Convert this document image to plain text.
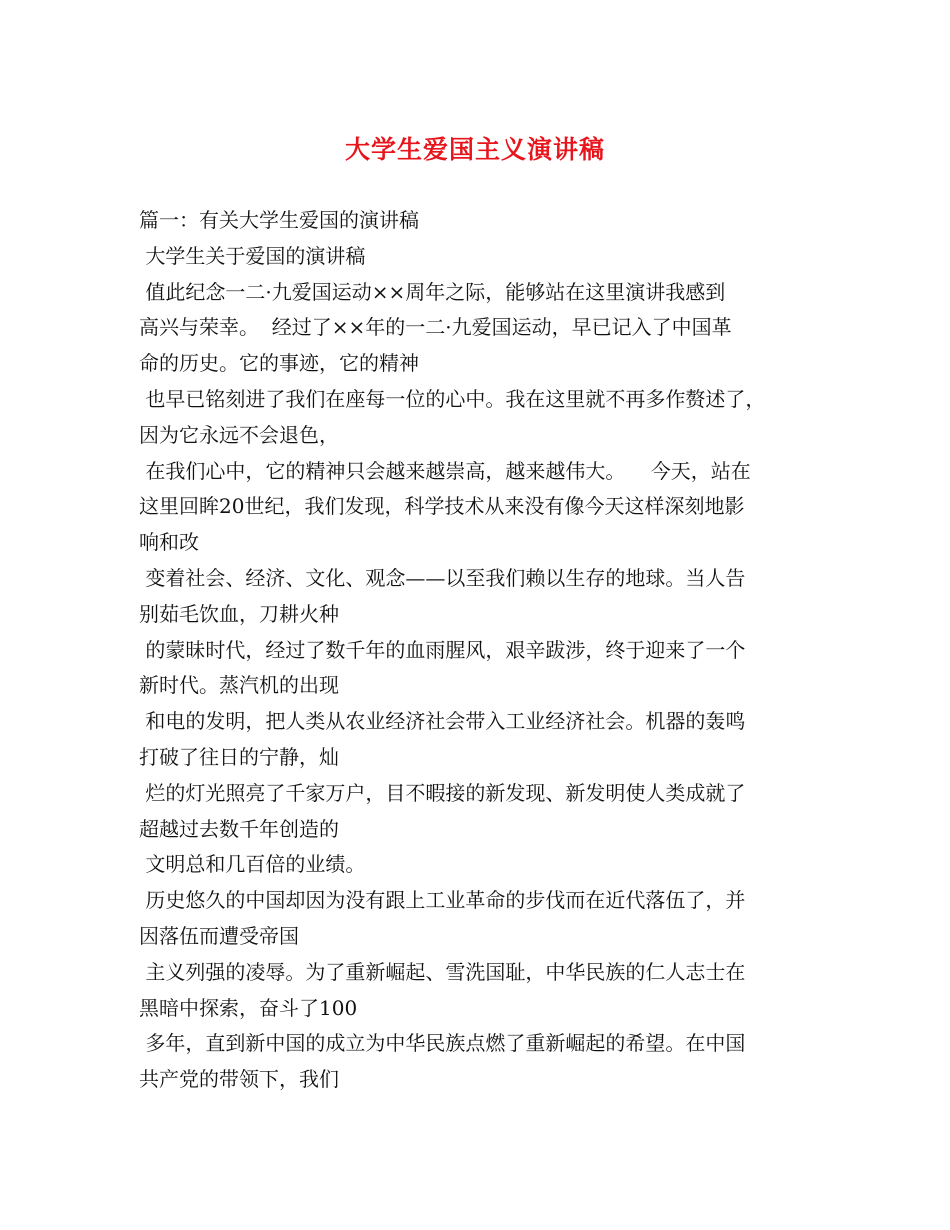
大学生爱国主义演讲稿
篇一：有关大学生爱国的演讲稿
大学生关于爱国的演讲稿
值此纪念一二·九爱国运动××周年之际，能够站在这里演讲我感到
高兴与荣幸。  经过了××年的一二·九爱国运动，早已记入了中国革
命的历史。它的事迹，它的精神
也早已铭刻进了我们在座每一位的心中。我在这里就不再多作赘述了，
因为它永远不会退色，
在我们心中，它的精神只会越来越崇高，越来越伟大。    今天，站在
这里回眸20世纪，我们发现，科学技术从来没有像今天这样深刻地影
响和改
变着社会、经济、文化、观念——以至我们赖以生存的地球。当人告
别茹毛饮血，刀耕火种
的蒙昧时代，经过了数千年的血雨腥风，艰辛跋涉，终于迎来了一个
新时代。蒸汽机的出现
和电的发明，把人类从农业经济社会带入工业经济社会。机器的轰鸣
打破了往日的宁静，灿
烂的灯光照亮了千家万户，目不暇接的新发现、新发明使人类成就了
超越过去数千年创造的
文明总和几百倍的业绩。
历史悠久的中国却因为没有跟上工业革命的步伐而在近代落伍了，并
因落伍而遭受帝国
主义列强的凌辱。为了重新崛起、雪洗国耻，中华民族的仁人志士在
黑暗中探索，奋斗了100
多年，直到新中国的成立为中华民族点燃了重新崛起的希望。在中国
共产党的带领下，我们
